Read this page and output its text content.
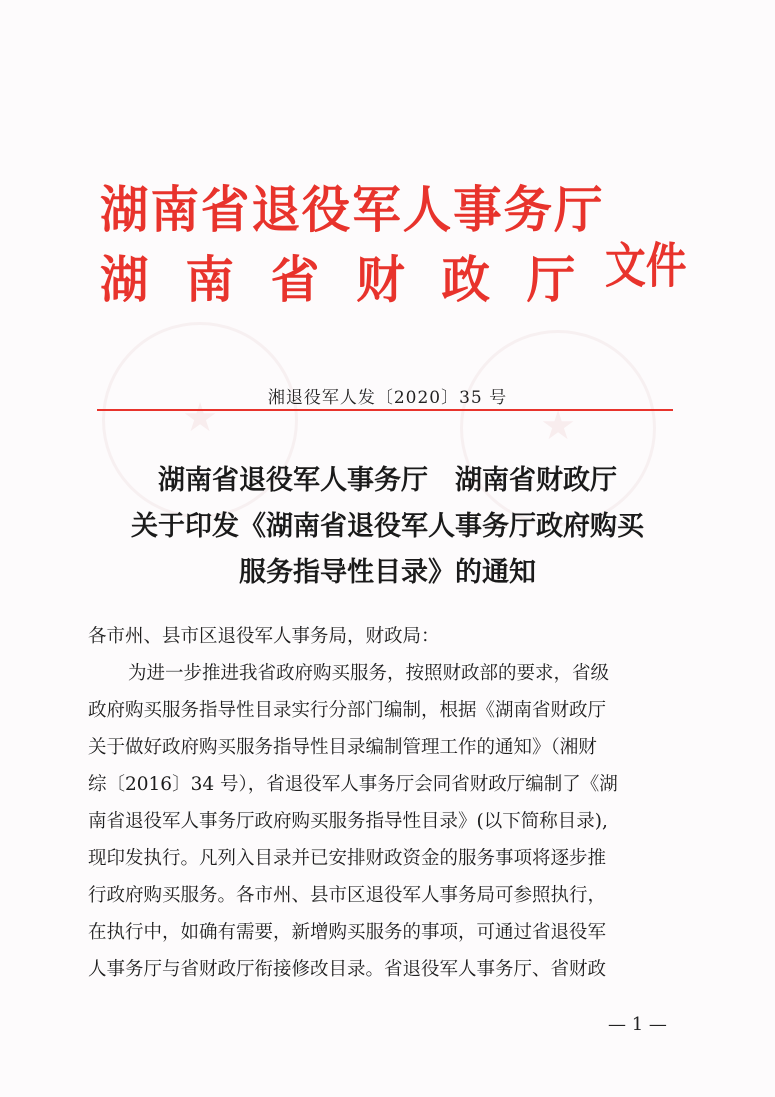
★	★
湖南省退役军人事务厅
湖南省财政厅
文件
湘退役军人发〔2020〕35 号
湖南省退役军人事务厅　湖南省财政厅
关于印发《湖南省退役军人事务厅政府购买
服务指导性目录》的通知
各市州、县市区退役军人事务局，财政局：
为进一步推进我省政府购买服务，按照财政部的要求，省级
政府购买服务指导性目录实行分部门编制，根据《湖南省财政厅
关于做好政府购买服务指导性目录编制管理工作的通知》（湘财
综〔2016〕34 号），省退役军人事务厅会同省财政厅编制了《湖
南省退役军人事务厅政府购买服务指导性目录》(以下简称目录),
现印发执行。凡列入目录并已安排财政资金的服务事项将逐步推
行政府购买服务。各市州、县市区退役军人事务局可参照执行，
在执行中，如确有需要，新增购买服务的事项，可通过省退役军
人事务厅与省财政厅衔接修改目录。省退役军人事务厅、省财政
— 1 —
